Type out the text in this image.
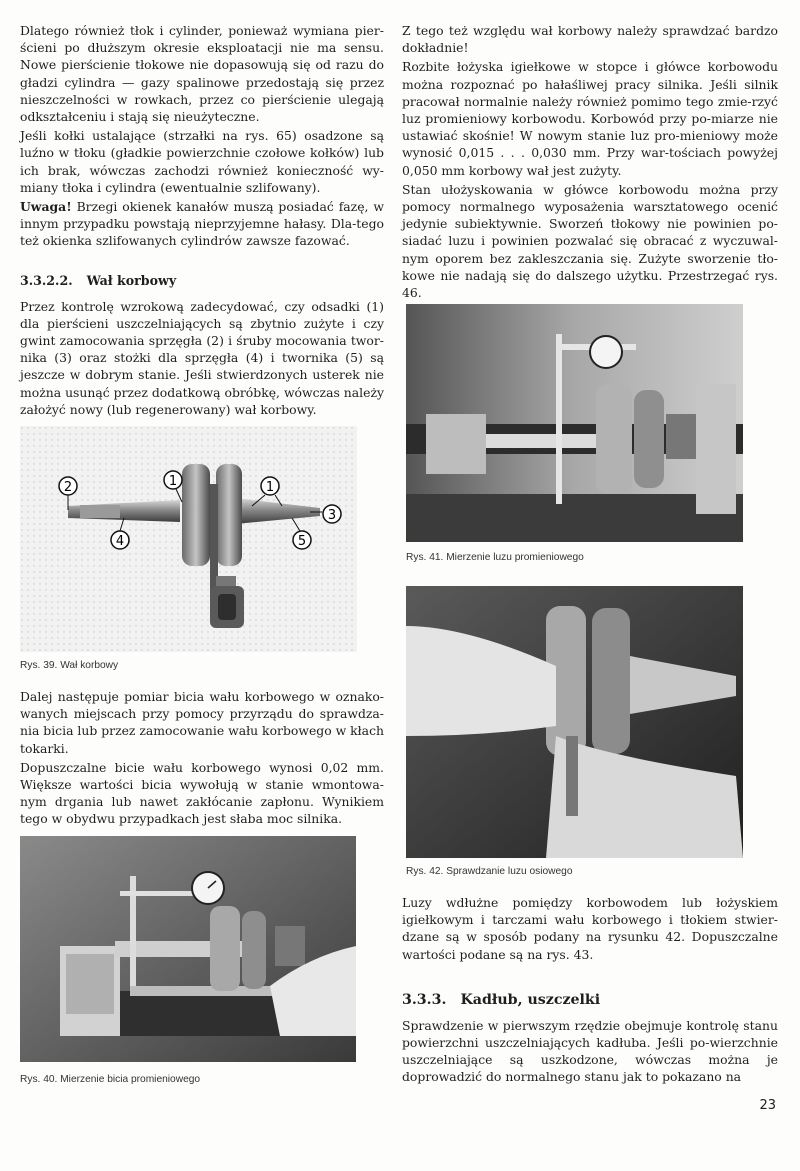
Dlatego również tłok i cylinder, ponieważ wymiana pier-ścieni po dłuższym okresie eksploatacji nie ma sensu. Nowe pierścienie tłokowe nie dopasowują się od razu do gładzi cylindra — gazy spalinowe przedostają się przez nieszczelności w rowkach, przez co pierścienie ulegają odkształceniu i stają się nieużyteczne.

Jeśli kołki ustalające (strzałki na rys. 65) osadzone są luźno w tłoku (gładkie powierzchnie czołowe kołków) lub ich brak, wówczas zachodzi również konieczność wy-miany tłoka i cylindra (ewentualnie szlifowany).

Uwaga! Brzegi okienek kanałów muszą posiadać fazę, w innym przypadku powstają nieprzyjemne hałasy. Dla-tego też okienka szlifowanych cylindrów zawsze fazować.

3.3.2.2. Wał korbowy

Przez kontrolę wzrokową zadecydować, czy odsadki (1) dla pierścieni uszczelniających są zbytnio zużyte i czy gwint zamocowania sprzęgła (2) i śruby mocowania twor-nika (3) oraz stożki dla sprzęgła (4) i twornika (5) są jeszcze w dobrym stanie. Jeśli stwierdzonych usterek nie można usunąć przez dodatkową obróbkę, wówczas należy założyć nowy (lub regenerowany) wał korbowy.

2	1	1
3
4	5
Rys. 39. Wał korbowy

Dalej następuje pomiar bicia wału korbowego w oznako-wanych miejscach przy pomocy przyrządu do sprawdza-nia bicia lub przez zamocowanie wału korbowego w kłach tokarki.

Dopuszczalne bicie wału korbowego wynosi 0,02 mm. Większe wartości bicia wywołują w stanie wmontowa-nym drgania lub nawet zakłócanie zapłonu. Wynikiem tego w obydwu przypadkach jest słaba moc silnika.

Rys. 40. Mierzenie bicia promieniowego

Z tego też względu wał korbowy należy sprawdzać bardzo dokładnie!

Rozbite łożyska igiełkowe w stopce i główce korbowodu można rozpoznać po hałaśliwej pracy silnika. Jeśli silnik pracował normalnie należy również pomimo tego zmie-rzyć luz promieniowy korbowodu. Korbowód przy po-miarze nie ustawiać skośnie! W nowym stanie luz pro-mieniowy może wynosić 0,015 . . . 0,030 mm. Przy war-tościach powyżej 0,050 mm korbowy wał jest zużyty.

Stan ułożyskowania w główce korbowodu można przy pomocy normalnego wyposażenia warsztatowego ocenić jedynie subiektywnie. Sworzeń tłokowy nie powinien po-siadać luzu i powinien pozwalać się obracać z wyczuwal-nym oporem bez zakleszczania się. Zużyte sworzenie tło-kowe nie nadają się do dalszego użytku. Przestrzegać rys. 46.

Rys. 41. Mierzenie luzu promieniowego
Rys. 42. Sprawdzanie luzu osiowego

Luzy wdłużne pomiędzy korbowodem lub łożyskiem igiełkowym i tarczami wału korbowego i tłokiem stwier-dzane są w sposób podany na rysunku 42. Dopuszczalne wartości podane są na rys. 43.

3.3.3. Kadłub, uszczelki

Sprawdzenie w pierwszym rzędzie obejmuje kontrolę stanu powierzchni uszczelniających kadłuba. Jeśli po-wierzchnie uszczelniające są uszkodzone, wówczas można je doprowadzić do normalnego stanu jak to pokazano na

23
